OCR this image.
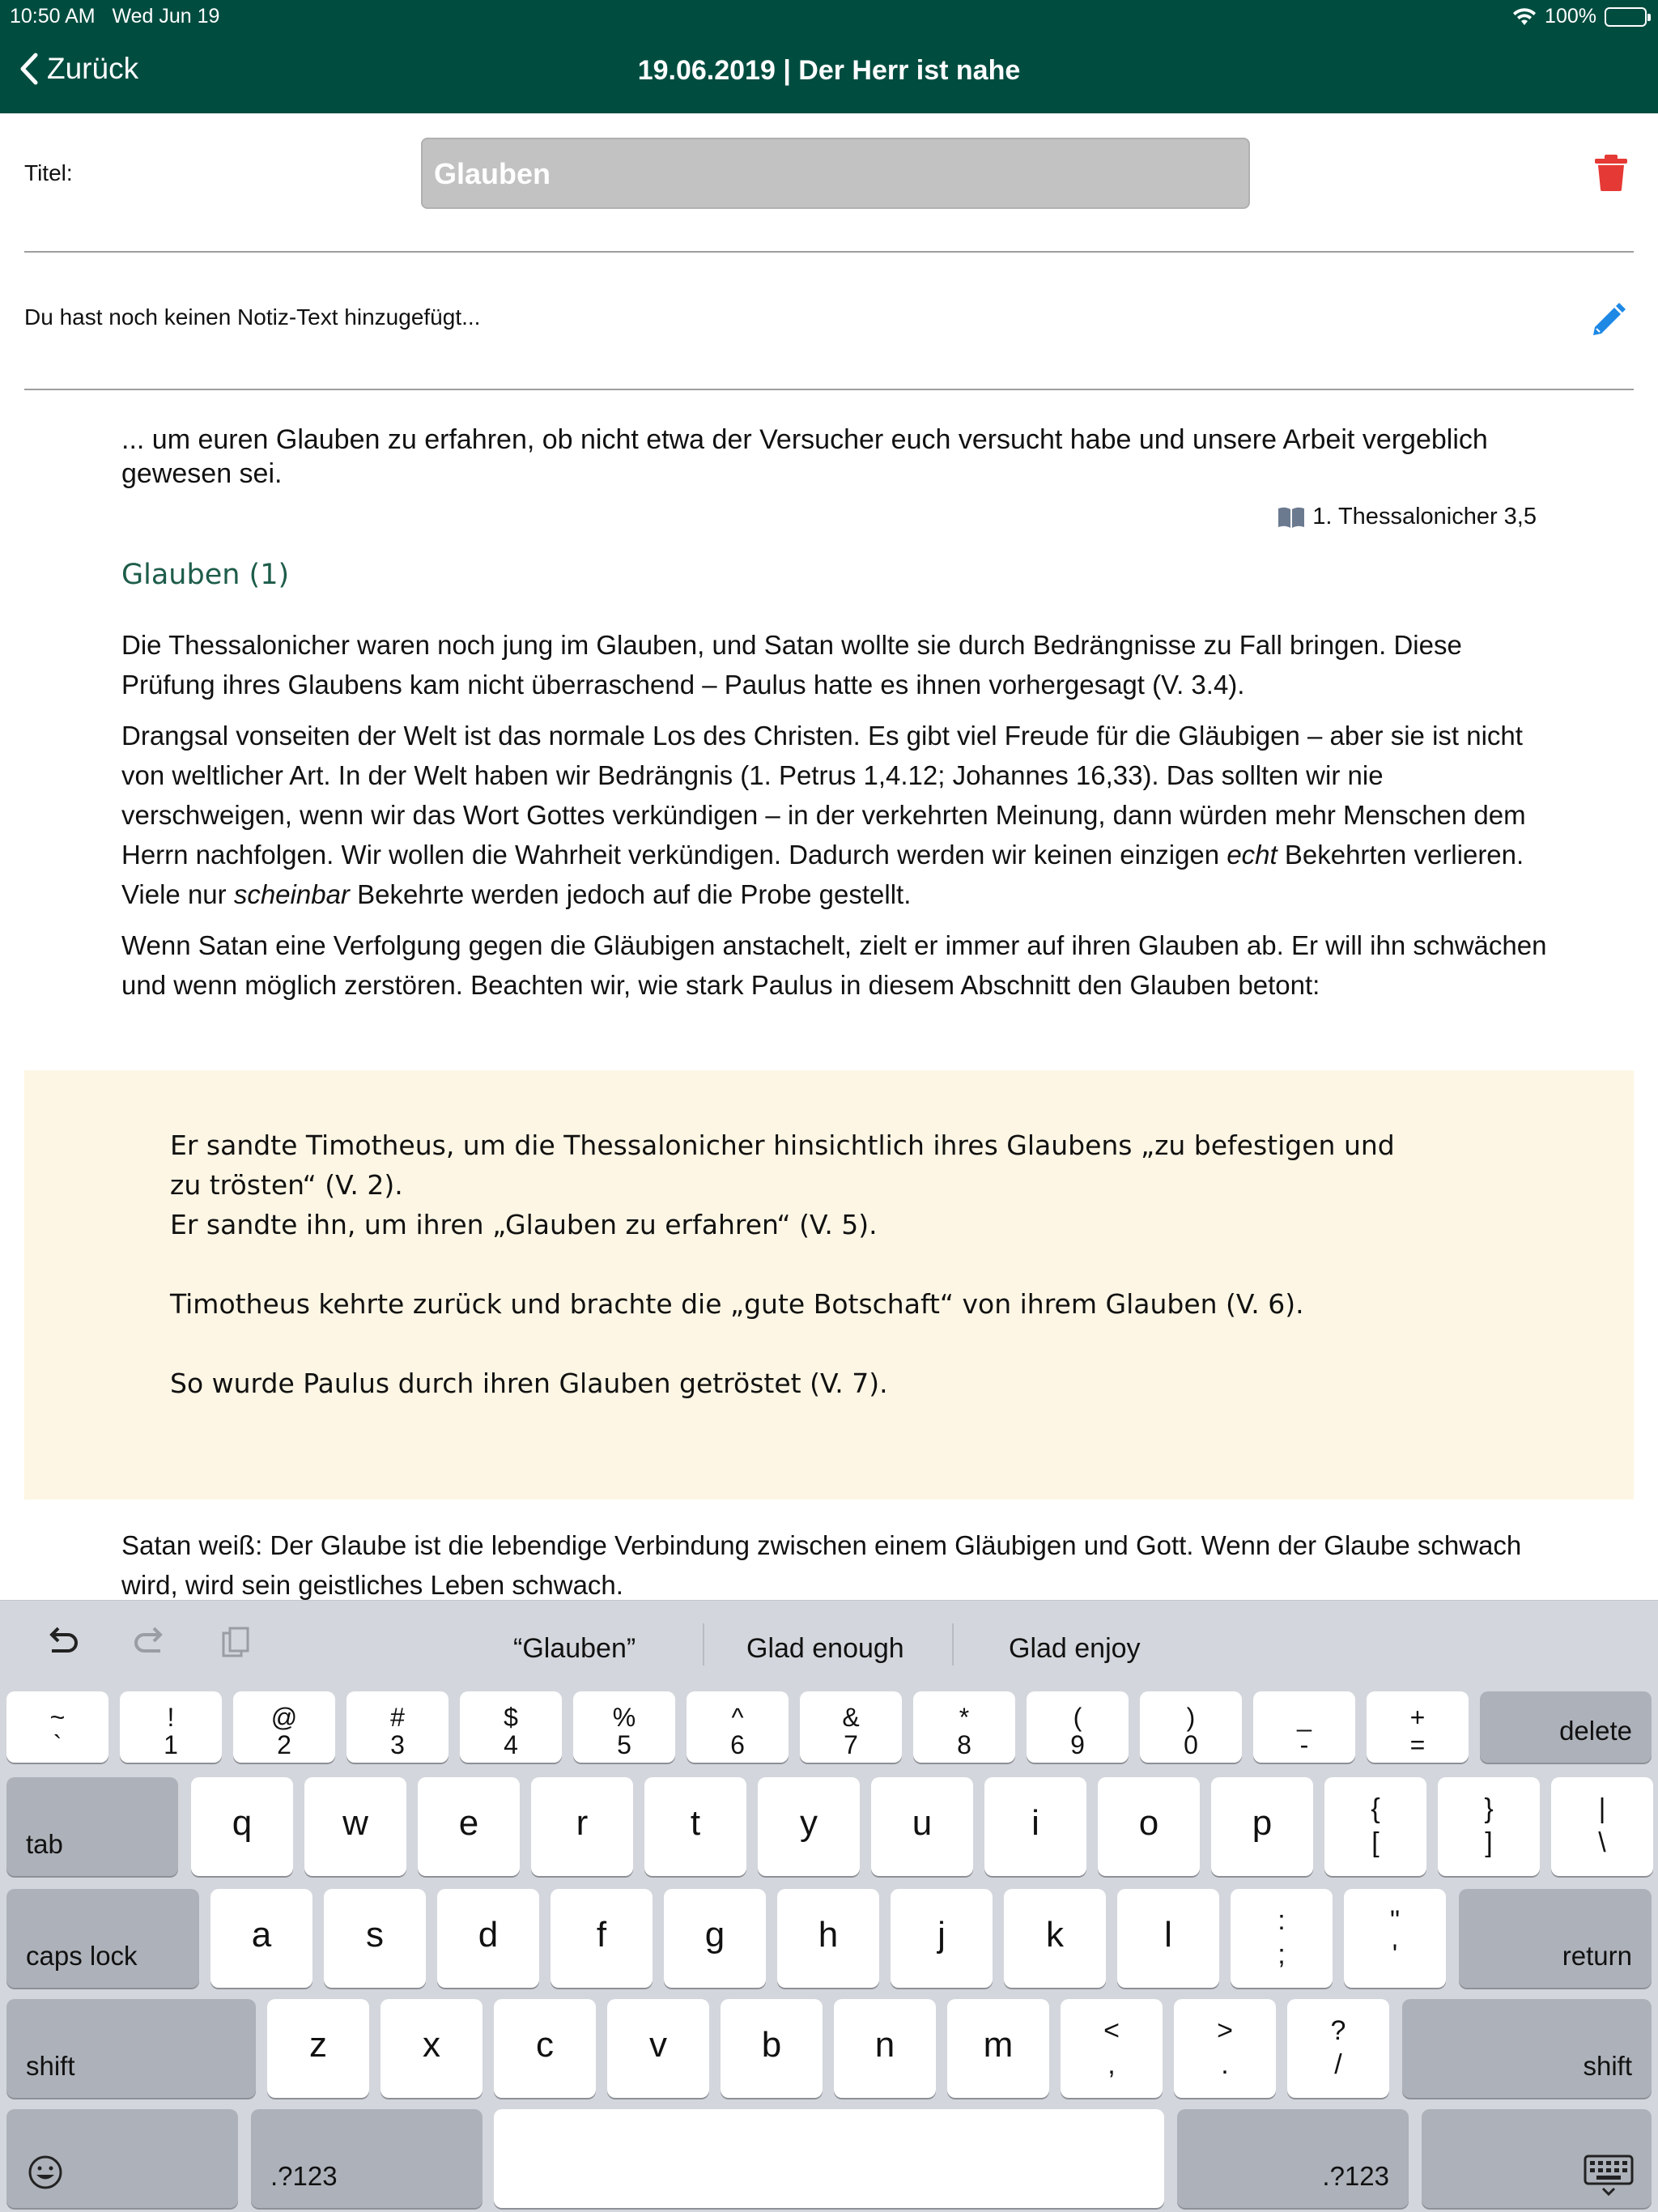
10:50 AM Wed Jun 19	100%
Zurück	19.06.2019 | Der Herr ist nahe
Titel:	Glauben
Du hast noch keinen Notiz-Text hinzugefügt...
... um euren Glauben zu erfahren, ob nicht etwa der Versucher euch versucht habe und unsere Arbeit vergeblich gewesen sei.
1. Thessalonicher 3,5
Glauben (1)
Die Thessalonicher waren noch jung im Glauben, und Satan wollte sie durch Bedrängnisse zu Fall bringen. Diese Prüfung ihres Glaubens kam nicht überraschend – Paulus hatte es ihnen vorhergesagt (V. 3.4).
Drangsal vonseiten der Welt ist das normale Los des Christen. Es gibt viel Freude für die Gläubigen – aber sie ist nicht von weltlicher Art. In der Welt haben wir Bedrängnis (1. Petrus 1,4.12; Johannes 16,33). Das sollten wir nie verschweigen, wenn wir das Wort Gottes verkündigen – in der verkehrten Meinung, dann würden mehr Menschen dem Herrn nachfolgen. Wir wollen die Wahrheit verkündigen. Dadurch werden wir keinen einzigen echt Bekehrten verlieren. Viele nur scheinbar Bekehrte werden jedoch auf die Probe gestellt.
Wenn Satan eine Verfolgung gegen die Gläubigen anstachelt, zielt er immer auf ihren Glauben ab. Er will ihn schwächen und wenn möglich zerstören. Beachten wir, wie stark Paulus in diesem Abschnitt den Glauben betont:
Er sandte Timotheus, um die Thessalonicher hinsichtlich ihres Glaubens „zu befestigen und zu trösten“ (V. 2).
Er sandte ihn, um ihren „Glauben zu erfahren“ (V. 5).
Timotheus kehrte zurück und brachte die „gute Botschaft“ von ihrem Glauben (V. 6).
So wurde Paulus durch ihren Glauben getröstet (V. 7).
Satan weiß: Der Glaube ist die lebendige Verbindung zwischen einem Gläubigen und Gott. Wenn der Glaube schwach wird, wird sein geistliches Leben schwach.
“Glauben”	Glad enough	Glad enjoy
~
`
!
1
@
2
#
3
$
4
%
5
^
6
&
7
*
8
(
9
)
0
_
-
+
=	delete
tab
q	w	e	r	t	y	u	i	o	p	{
[
}
]
|
\
caps lock
a	s	d	f	g	h	j	k	l	:
;
"
'	return
shift
z	x	c	v	b	n	m	<
,
>
.
?
/	shift
.?123	.?123
